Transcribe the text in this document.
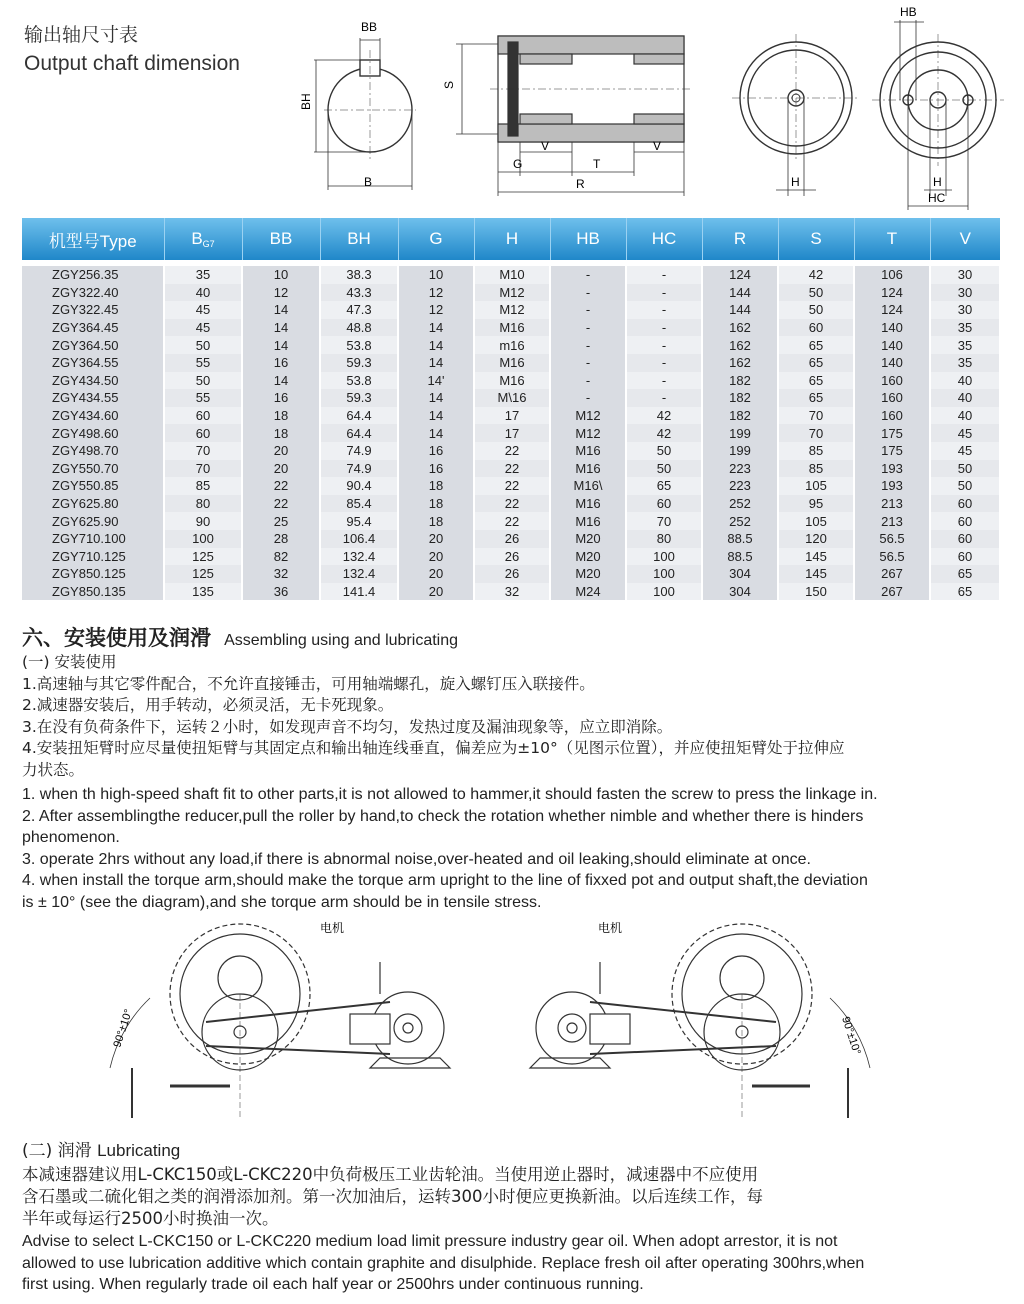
输出轴尺寸表
Output chaft dimension
BB
BH
B
S
G
V	V
T
R	H
HB
H
HC
机型号Type	$B_{G7}$	BB	BH	G	H	HB	HC	R	S	T	V

ZGY256.35	35	10	38.3	10	M10	-	-	124	42	106	30
ZGY322.40	40	12	43.3	12	M12	-	-	144	50	124	30
ZGY322.45	45	14	47.3	12	M12	-	-	144	50	124	30
ZGY364.45	45	14	48.8	14	M16	-	-	162	60	140	35
ZGY364.50	50	14	53.8	14	m16	-	-	162	65	140	35
ZGY364.55	55	16	59.3	14	M16	-	-	162	65	140	35
ZGY434.50	50	14	53.8	14'	M16	-	-	182	65	160	40
ZGY434.55	55	16	59.3	14	M\16	-	-	182	65	160	40
ZGY434.60	60	18	64.4	14	17	M12	42	182	70	160	40
ZGY498.60	60	18	64.4	14	17	M12	42	199	70	175	45
ZGY498.70	70	20	74.9	16	22	M16	50	199	85	175	45
ZGY550.70	70	20	74.9	16	22	M16	50	223	85	193	50
ZGY550.85	85	22	90.4	18	22	M16\	65	223	105	193	50
ZGY625.80	80	22	85.4	18	22	M16	60	252	95	213	60
ZGY625.90	90	25	95.4	18	22	M16	70	252	105	213	60
ZGY710.100	100	28	106.4	20	26	M20	80	88.5	120	56.5	60
ZGY710.125	125	82	132.4	20	26	M20	100	88.5	145	56.5	60
ZGY850.125	125	32	132.4	20	26	M20	100	304	145	267	65
ZGY850.135	135	36	141.4	20	32	M24	100	304	150	267	65
六、安装使用及润滑 Assembling using and lubricating

(一) 安装使用

1.高速轴与其它零件配合，不允许直接锤击，可用轴端螺孔，旋入螺钉压入联接件。

2.减速器安装后，用手转动，必须灵活，无卡死现象。

3.在没有负荷条件下，运转２小时，如发现声音不均匀，发热过度及漏油现象等，应立即消除。

4.安装扭矩臂时应尽量使扭矩臂与其固定点和输出轴连线垂直，偏差应为±10°（见图示位置），并应使扭矩臂处于拉伸应

力状态。

1. when th high-speed shaft fit to other parts,it is not allowed to hammer,it should fasten the screw to press the linkage in.

2. After assemblingthe reducer,pull the roller by hand,to check the rotation whether nimble and whether there is hinders

phenomenon.

3. operate 2hrs without any load,if there is abnormal noise,over-heated and oil leaking,should eliminate at once.

4. when install the torque arm,should make the torque arm upright to the line of fixxed pot and output shaft,the deviation

is ± 10° (see the diagram),and she torque arm should be in tensile stress.

电机
90°±10°
电机
90°±10°
(二) 润滑 Lubricating

本减速器建议用L-CKC150或L-CKC220中负荷极压工业齿轮油。当使用逆止器时，减速器中不应使用

含石墨或二硫化钼之类的润滑添加剂。第一次加油后，运转300小时便应更换新油。以后连续工作，每

半年或每运行2500小时换油一次。

Advise to select L-CKC150 or L-CKC220 medium load limit pressure industry gear oil. When adopt arrestor, it is not

allowed to use lubrication additive which contain graphite and disulphide. Replace fresh oil after operating 300hrs,when

first using. When regularly trade oil each half year or 2500hrs under continuous running.
